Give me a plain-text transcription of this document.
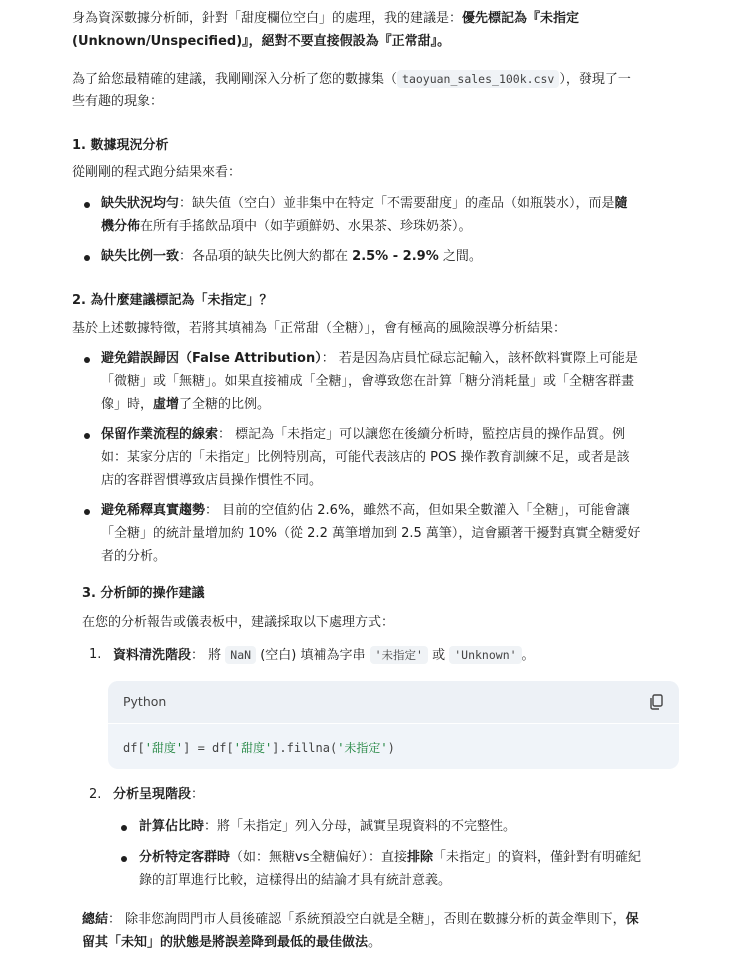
身為資深數據分析師，針對「甜度欄位空白」的處理，我的建議是：優先標記為『未指定

(Unknown/Unspecified)』，絕對不要直接假設為『正常甜』。

為了給您最精確的建議，我剛剛深入分析了您的數據集（ taoyuan_sales_100k.csv ），發現了一

些有趣的現象：

1. 數據現況分析

從剛剛的程式跑分結果來看：

缺失狀況均勻：缺失值（空白）並非集中在特定「不需要甜度」的產品（如瓶裝水），而是隨

機分佈在所有手搖飲品項中（如芋頭鮮奶、水果茶、珍珠奶茶）。

缺失比例一致：各品項的缺失比例大約都在 2.5% - 2.9% 之間。

2. 為什麼建議標記為「未指定」？

基於上述數據特徵，若將其填補為「正常甜（全糖）」，會有極高的風險誤導分析結果：

避免錯誤歸因（False Attribution）： 若是因為店員忙碌忘記輸入，該杯飲料實際上可能是

「微糖」或「無糖」。如果直接補成「全糖」，會導致您在計算「糖分消耗量」或「全糖客群畫

像」時，虛增了全糖的比例。

保留作業流程的線索： 標記為「未指定」可以讓您在後續分析時，監控店員的操作品質。例

如：某家分店的「未指定」比例特別高，可能代表該店的 POS 操作教育訓練不足，或者是該

店的客群習慣導致店員操作慣性不同。

避免稀釋真實趨勢： 目前的空值約佔 2.6%，雖然不高，但如果全數灌入「全糖」，可能會讓

「全糖」的統計量增加約 10%（從 2.2 萬筆增加到 2.5 萬筆），這會顯著干擾對真實全糖愛好

者的分析。

3. 分析師的操作建議

在您的分析報告或儀表板中，建議採取以下處理方式：

1. 資料清洗階段： 將 NaN (空白) 填補為字串 '未指定' 或 'Unknown' 。

Python
df['甜度'] = df['甜度'].fillna('未指定')
2. 分析呈現階段：

計算佔比時：將「未指定」列入分母，誠實呈現資料的不完整性。

分析特定客群時（如：無糖vs全糖偏好）：直接排除「未指定」的資料，僅針對有明確紀

錄的訂單進行比較，這樣得出的結論才具有統計意義。

總結： 除非您詢問門市人員後確認「系統預設空白就是全糖」，否則在數據分析的黃金準則下，保

留其「未知」的狀態是將誤差降到最低的最佳做法。
